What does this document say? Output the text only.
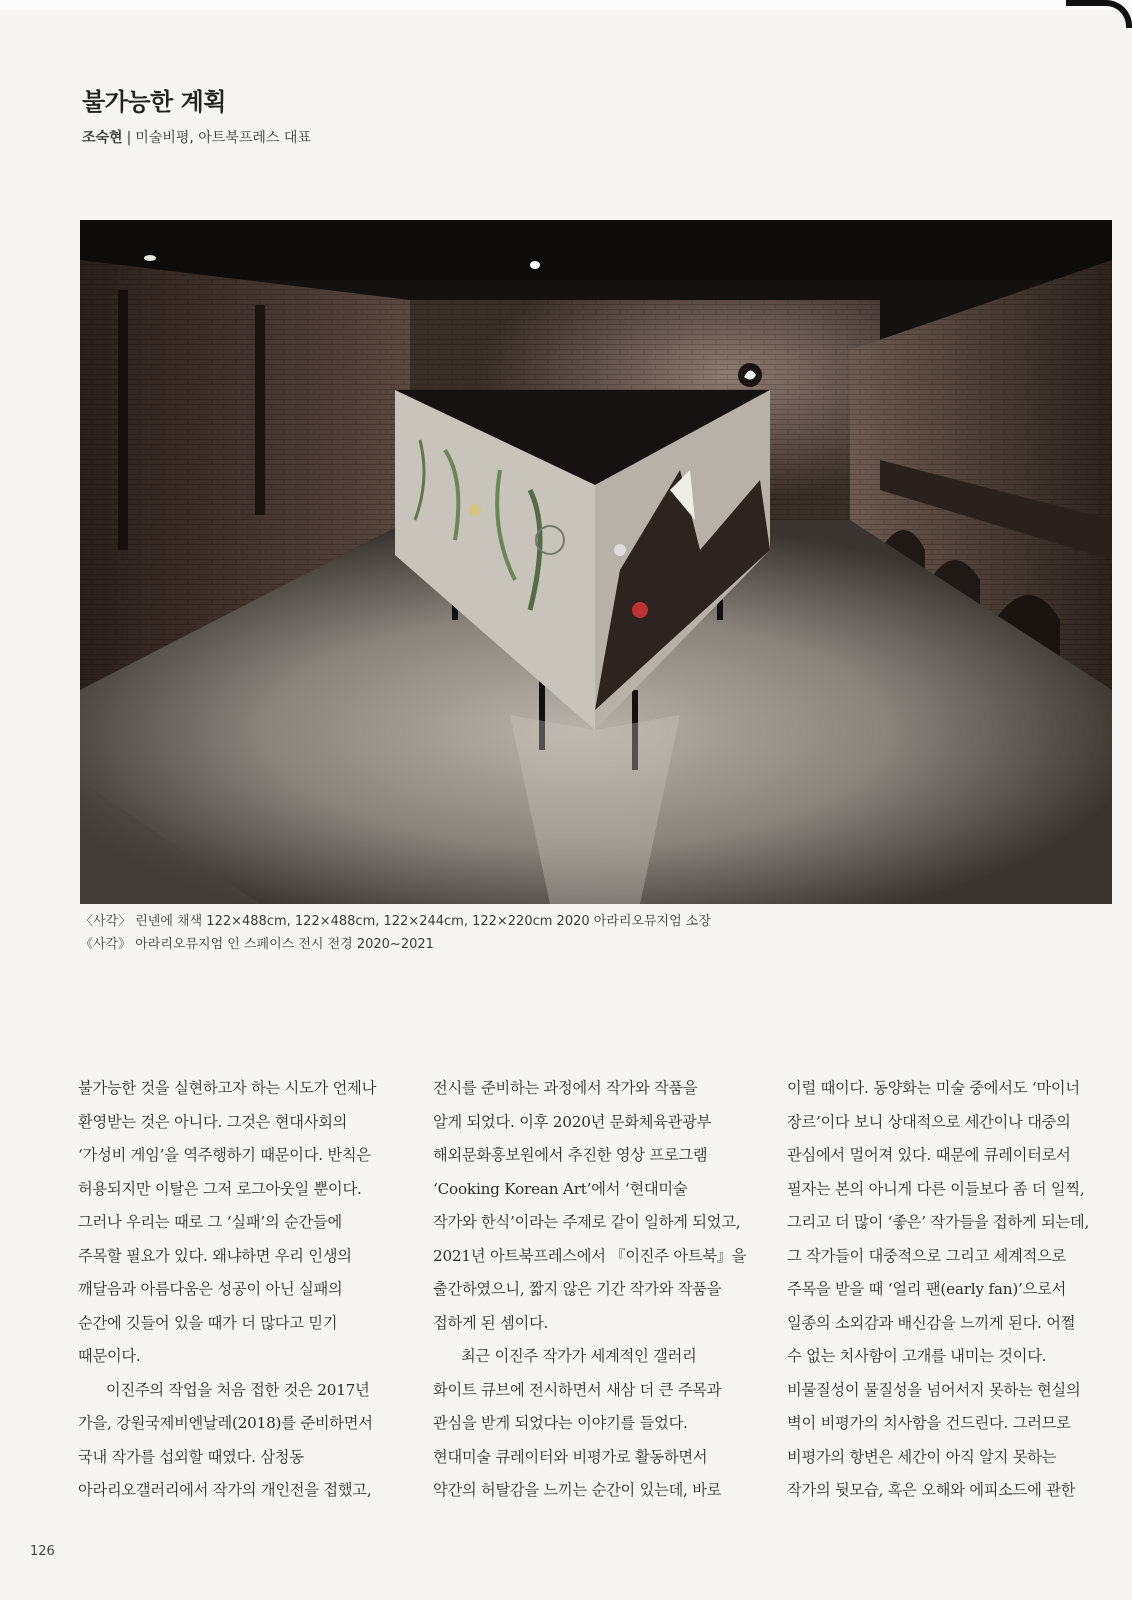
불가능한 계획
조숙현 | 미술비평, 아트북프레스 대표
〈사각〉 린넨에 채색 122×488cm, 122×488cm, 122×244cm, 122×220cm 2020 아라리오뮤지엄 소장
《사각》 아라리오뮤지엄 인 스페이스 전시 전경 2020~2021
불가능한 것을 실현하고자 하는 시도가 언제나
환영받는 것은 아니다. 그것은 현대사회의
‘가성비 게임’을 역주행하기 때문이다. 반칙은
허용되지만 이탈은 그저 로그아웃일 뿐이다.
그러나 우리는 때로 그 ‘실패’의 순간들에
주목할 필요가 있다. 왜냐하면 우리 인생의
깨달음과 아름다움은 성공이 아닌 실패의
순간에 깃들어 있을 때가 더 많다고 믿기
때문이다.
이진주의 작업을 처음 접한 것은 2017년
가을, 강원국제비엔날레(2018)를 준비하면서
국내 작가를 섭외할 때였다. 삼청동
아라리오갤러리에서 작가의 개인전을 접했고,
전시를 준비하는 과정에서 작가와 작품을
알게 되었다. 이후 2020년 문화체육관광부
해외문화홍보원에서 추진한 영상 프로그램
‘Cooking Korean Art’에서 ‘현대미술
작가와 한식’이라는 주제로 같이 일하게 되었고,
2021년 아트북프레스에서 『이진주 아트북』을
출간하였으니, 짧지 않은 기간 작가와 작품을
접하게 된 셈이다.
최근 이진주 작가가 세계적인 갤러리
화이트 큐브에 전시하면서 새삼 더 큰 주목과
관심을 받게 되었다는 이야기를 들었다.
현대미술 큐레이터와 비평가로 활동하면서
약간의 허탈감을 느끼는 순간이 있는데, 바로
이럴 때이다. 동양화는 미술 중에서도 ‘마이너
장르’이다 보니 상대적으로 세간이나 대중의
관심에서 멀어져 있다. 때문에 큐레이터로서
필자는 본의 아니게 다른 이들보다 좀 더 일찍,
그리고 더 많이 ‘좋은’ 작가들을 접하게 되는데,
그 작가들이 대중적으로 그리고 세계적으로
주목을 받을 때 ‘얼리 팬(early fan)’으로서
일종의 소외감과 배신감을 느끼게 된다. 어쩔
수 없는 치사함이 고개를 내미는 것이다.
비물질성이 물질성을 넘어서지 못하는 현실의
벽이 비평가의 치사함을 건드린다. 그러므로
비평가의 항변은 세간이 아직 알지 못하는
작가의 뒷모습, 혹은 오해와 에피소드에 관한
126
